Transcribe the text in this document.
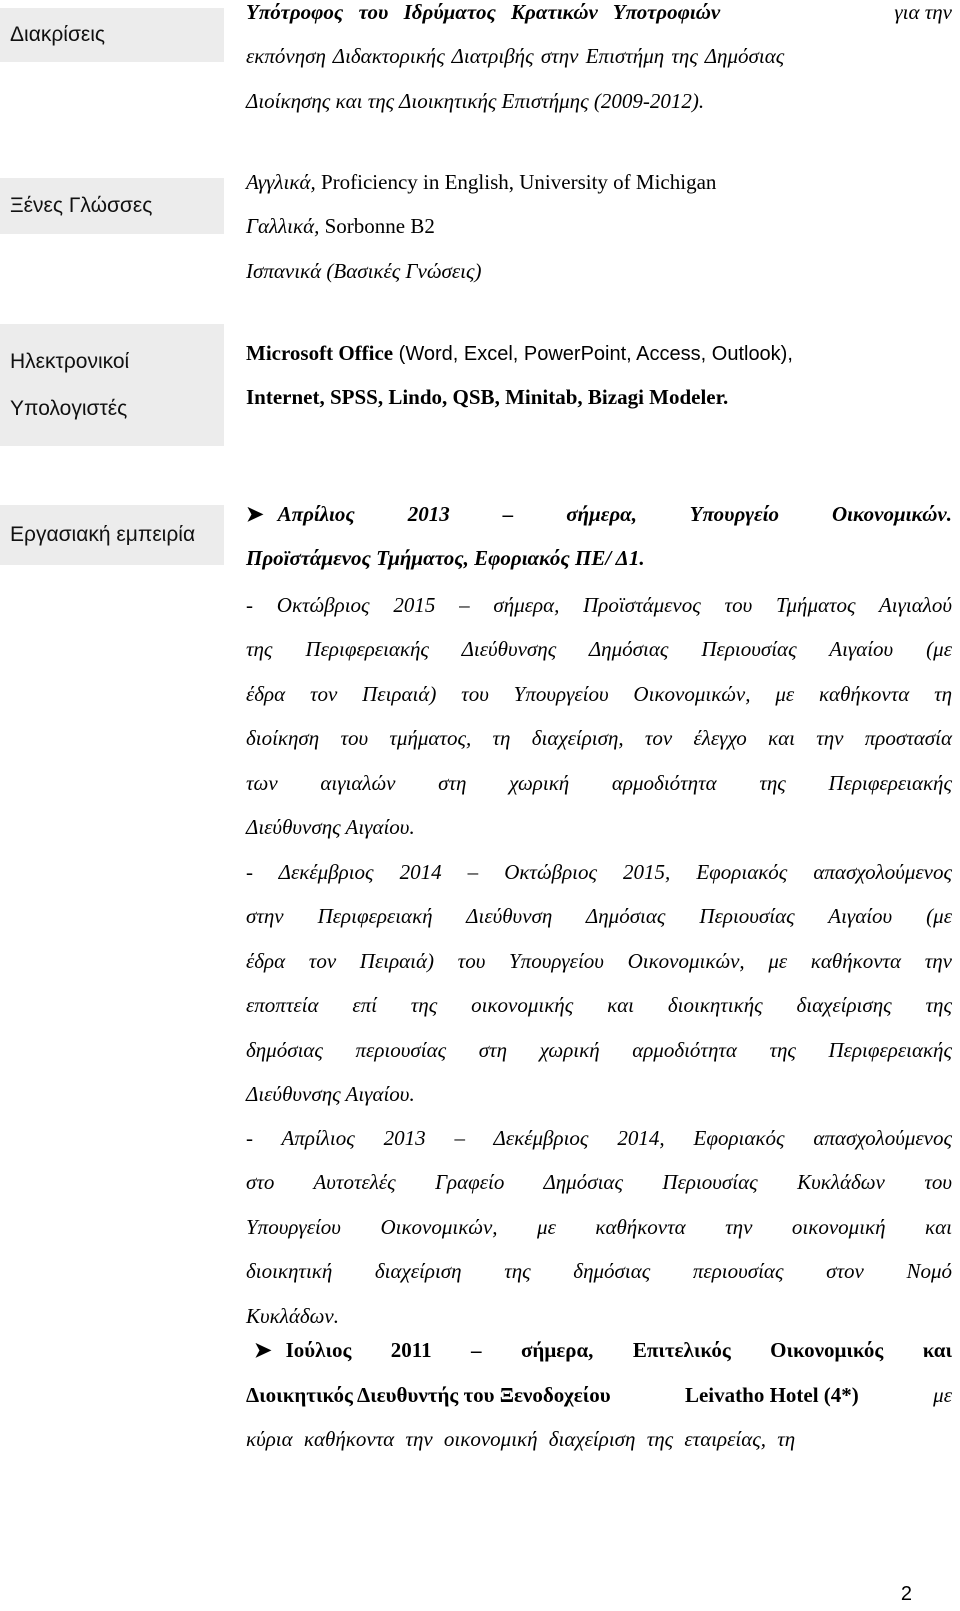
Διακρίσεις
Υπότροφος του Ιδρύματος Κρατικών Υποτροφιών	για την
εκπόνηση Διδακτορικής Διατριβής στην Επιστήμη της Δημόσιας
Διοίκησης και της Διοικητικής Επιστήμης (2009-2012).
Ξένες Γλώσσες
Αγγλικά, Proficiency in English, University of Michigan
Γαλλικά, Sorbonne B2
Ισπανικά (Βασικές Γνώσεις)
Ηλεκτρονικοί
Υπολογιστές
Microsoft Office (Word, Excel, PowerPoint, Access, Outlook),
Internet, SPSS, Lindo, QSB, Minitab, Bizagi Modeler.
Εργασιακή εμπειρία
➤ Απρίλιος 2013 – σήμερα, Υπουργείο Οικονομικών.
Προϊστάμενος Τμήματος, Εφοριακός ΠΕ/ Δ1.
- Οκτώβριος 2015 – σήμερα, Προϊστάμενος του Τμήματος Αιγιαλού
της Περιφερειακής Διεύθυνσης Δημόσιας Περιουσίας Αιγαίου (με
έδρα τον Πειραιά) του Υπουργείου Οικονομικών, με καθήκοντα τη
διοίκηση του τμήματος, τη διαχείριση, τον έλεγχο και την προστασία
των αιγιαλών στη χωρική αρμοδιότητα της Περιφερειακής
Διεύθυνσης Αιγαίου.
- Δεκέμβριος 2014 – Οκτώβριος 2015, Εφοριακός απασχολούμενος
στην Περιφερειακή Διεύθυνση Δημόσιας Περιουσίας Αιγαίου (με
έδρα τον Πειραιά) του Υπουργείου Οικονομικών, με καθήκοντα την
εποπτεία επί της οικονομικής και διοικητικής διαχείρισης της
δημόσιας περιουσίας στη χωρική αρμοδιότητα της Περιφερειακής
Διεύθυνσης Αιγαίου.
- Απρίλιος 2013 – Δεκέμβριος 2014, Εφοριακός απασχολούμενος
στο Αυτοτελές Γραφείο Δημόσιας Περιουσίας Κυκλάδων του
Υπουργείου Οικονομικών, με καθήκοντα την οικονομική και
διοικητική διαχείριση της δημόσιας περιουσίας στον Νομό
Κυκλάδων.
➤ Ιούλιος 2011 – σήμερα, Επιτελικός Οικονομικός και
Διοικητικός Διευθυντής του Ξενοδοχείου	Leivatho Hotel (4*)	με
κύρια καθήκοντα την οικονομική διαχείριση της εταιρείας, τη
2
